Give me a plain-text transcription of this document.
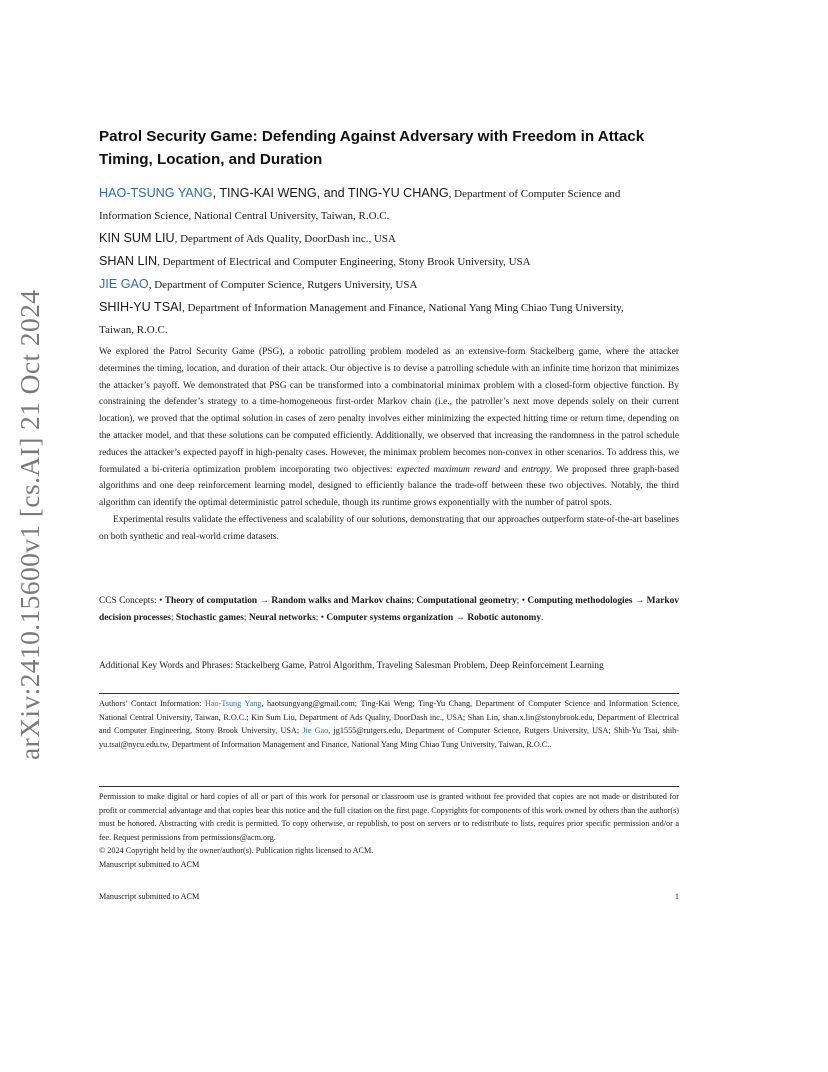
arXiv:2410.15600v1 [cs.AI] 21 Oct 2024
Patrol Security Game: Defending Against Adversary with Freedom in Attack Timing, Location, and Duration

HAO-TSUNG YANG, TING-KAI WENG, and TING-YU CHANG, Department of Computer Science and

Information Science, National Central University, Taiwan, R.O.C.

KIN SUM LIU, Department of Ads Quality, DoorDash inc., USA

SHAN LIN, Department of Electrical and Computer Engineering, Stony Brook University, USA

JIE GAO, Department of Computer Science, Rutgers University, USA

SHIH-YU TSAI, Department of Information Management and Finance, National Yang Ming Chiao Tung University,

Taiwan, R.O.C.

We explored the Patrol Security Game (PSG), a robotic patrolling problem modeled as an extensive-form Stackelberg game, where the attacker determines the timing, location, and duration of their attack. Our objective is to devise a patrolling schedule with an infinite time horizon that minimizes the attacker’s payoff. We demonstrated that PSG can be transformed into a combinatorial minimax problem with a closed-form objective function. By constraining the defender’s strategy to a time-homogeneous first-order Markov chain (i.e., the patroller’s next move depends solely on their current location), we proved that the optimal solution in cases of zero penalty involves either minimizing the expected hitting time or return time, depending on the attacker model, and that these solutions can be computed efficiently. Additionally, we observed that increasing the randomness in the patrol schedule reduces the attacker’s expected payoff in high-penalty cases. However, the minimax problem becomes non-convex in other scenarios. To address this, we formulated a bi-criteria optimization problem incorporating two objectives: expected maximum reward and entropy. We proposed three graph-based algorithms and one deep reinforcement learning model, designed to efficiently balance the trade-off between these two objectives. Notably, the third algorithm can identify the optimal deterministic patrol schedule, though its runtime grows exponentially with the number of patrol spots.

Experimental results validate the effectiveness and scalability of our solutions, demonstrating that our approaches outperform state-of-the-art baselines on both synthetic and real-world crime datasets.

CCS Concepts: • Theory of computation → Random walks and Markov chains; Computational geometry; • Computing methodologies → Markov decision processes; Stochastic games; Neural networks; • Computer systems organization → Robotic autonomy.
Additional Key Words and Phrases: Stackelberg Game, Patrol Algorithm, Traveling Salesman Problem, Deep Reinforcement Learning
Authors’ Contact Information: Hao-Tsung Yang, haotsungyang@gmail.com; Ting-Kai Weng; Ting-Yu Chang, Department of Computer Science and Information Science, National Central University, Taiwan, R.O.C.; Kin Sum Liu, Department of Ads Quality, DoorDash inc., USA; Shan Lin, shan.x.lin@stonybrook.edu, Department of Electrical and Computer Engineering, Stony Brook University, USA; Jie Gao, jg1555@rutgers.edu, Department of Computer Science, Rutgers University, USA; Shih-Yu Tsai, shih-yu.tsai@nycu.edu.tw, Department of Information Management and Finance, National Yang Ming Chiao Tung University, Taiwan, R.O.C..

Permission to make digital or hard copies of all or part of this work for personal or classroom use is granted without fee provided that copies are not made or distributed for profit or commercial advantage and that copies bear this notice and the full citation on the first page. Copyrights for components of this work owned by others than the author(s) must be honored. Abstracting with credit is permitted. To copy otherwise, or republish, to post on servers or to redistribute to lists, requires prior specific permission and/or a fee. Request permissions from permissions@acm.org.

© 2024 Copyright held by the owner/author(s). Publication rights licensed to ACM.

Manuscript submitted to ACM

Manuscript submitted to ACM	1
